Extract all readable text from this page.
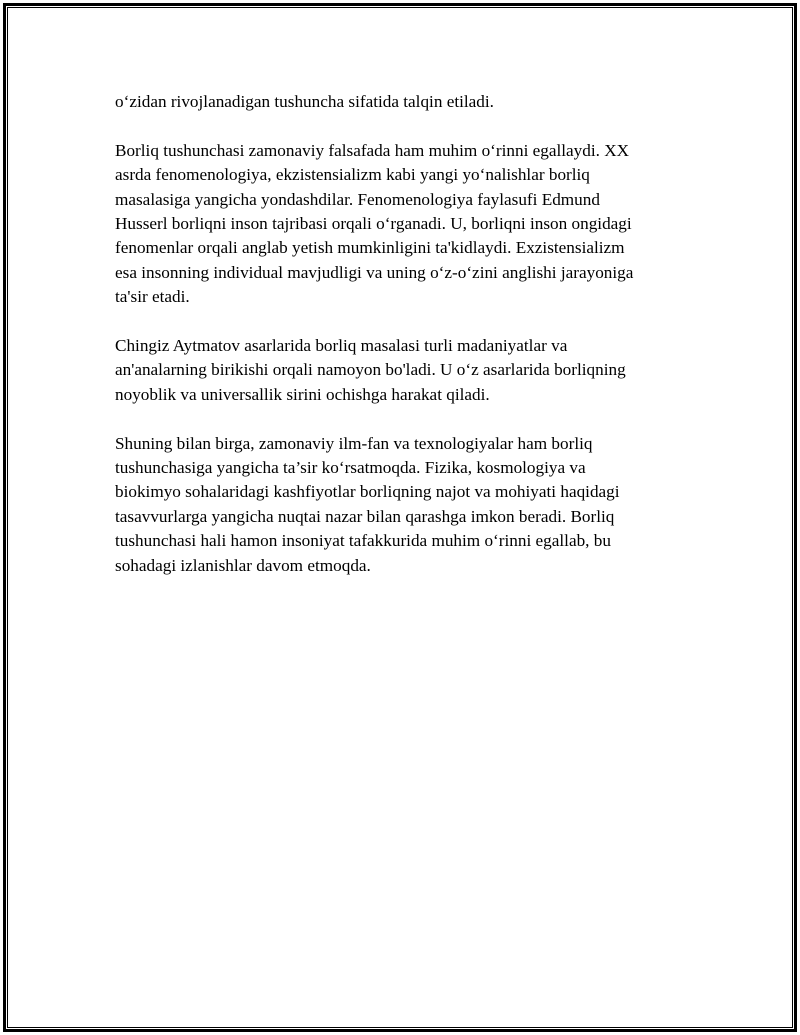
o‘zidan rivojlanadigan tushuncha sifatida talqin etiladi.

Borliq tushunchasi zamonaviy falsafada ham muhim o‘rinni egallaydi. XX
asrda fenomenologiya, ekzistensializm kabi yangi yo‘nalishlar borliq
masalasiga yangicha yondashdilar. Fenomenologiya faylasufi Edmund
Husserl borliqni inson tajribasi orqali o‘rganadi. U, borliqni inson ongidagi
fenomenlar orqali anglab yetish mumkinligini ta'kidlaydi. Exzistensializm
esa insonning individual mavjudligi va uning o‘z-o‘zini anglishi jarayoniga
ta'sir etadi.

Chingiz Aytmatov asarlarida borliq masalasi turli madaniyatlar va
an'analarning birikishi orqali namoyon bo'ladi. U o‘z asarlarida borliqning
noyoblik va universallik sirini ochishga harakat qiladi.

Shuning bilan birga, zamonaviy ilm-fan va texnologiyalar ham borliq
tushunchasiga yangicha ta’sir ko‘rsatmoqda. Fizika, kosmologiya va
biokimyo sohalaridagi kashfiyotlar borliqning najot va mohiyati haqidagi
tasavvurlarga yangicha nuqtai nazar bilan qarashga imkon beradi. Borliq
tushunchasi hali hamon insoniyat tafakkurida muhim o‘rinni egallab, bu
sohadagi izlanishlar davom etmoqda.
